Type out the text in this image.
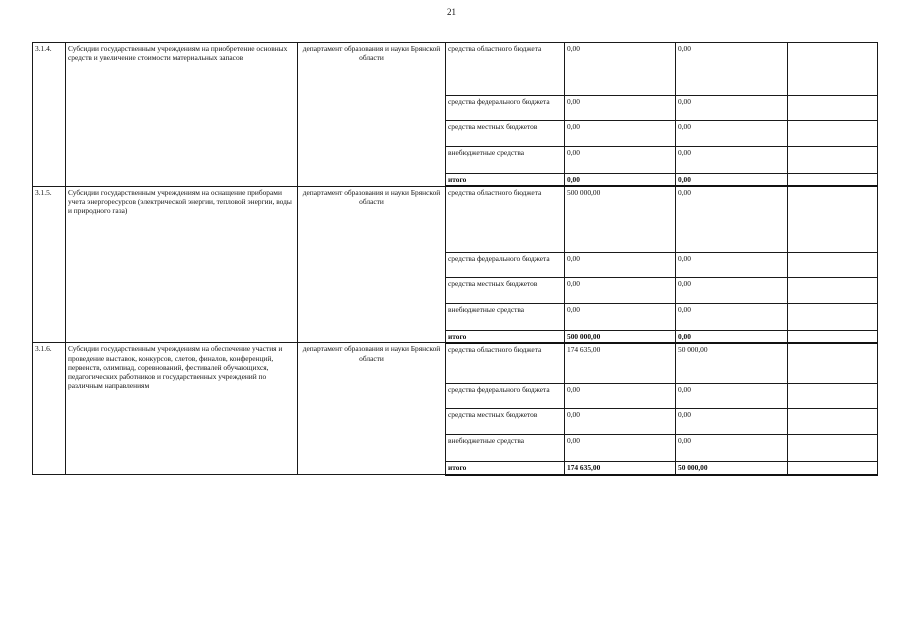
21
3.1.4.	Субсидии государственным учреждениям на приобретение основных средств и увеличение стоимости материальных запасов	департамент образования и науки Брянской области	средства областного бюджета	0,00	0,00	
			средства федерального бюджета	0,00	0,00	
			средства местных бюджетов	0,00	0,00	
			внебюджетные средства	0,00	0,00	
			итого	0,00	0,00	
3.1.5.	Субсидии государственным учреждениям на оснащение приборами учета энергоресурсов (электрической энергии, тепловой энергии, воды и природного газа)	департамент образования и науки Брянской области	средства областного бюджета	500 000,00	0,00	
			средства федерального бюджета	0,00	0,00	
			средства местных бюджетов	0,00	0,00	
			внебюджетные средства	0,00	0,00	
			итого	500 000,00	0,00	
3.1.6.	Субсидии государственным учреждениям на обеспечение участия и проведение выставок, конкурсов, слетов, финалов, конференций, первенств, олимпиад, соревнований, фестивалей обучающихся, педагогических работников и государственных учреждений по различным направлениям	департамент образования и науки Брянской области	средства областного бюджета	174 635,00	50 000,00	
			средства федерального бюджета	0,00	0,00	
			средства местных бюджетов	0,00	0,00	
			внебюджетные средства	0,00	0,00	
			итого	174 635,00	50 000,00	
